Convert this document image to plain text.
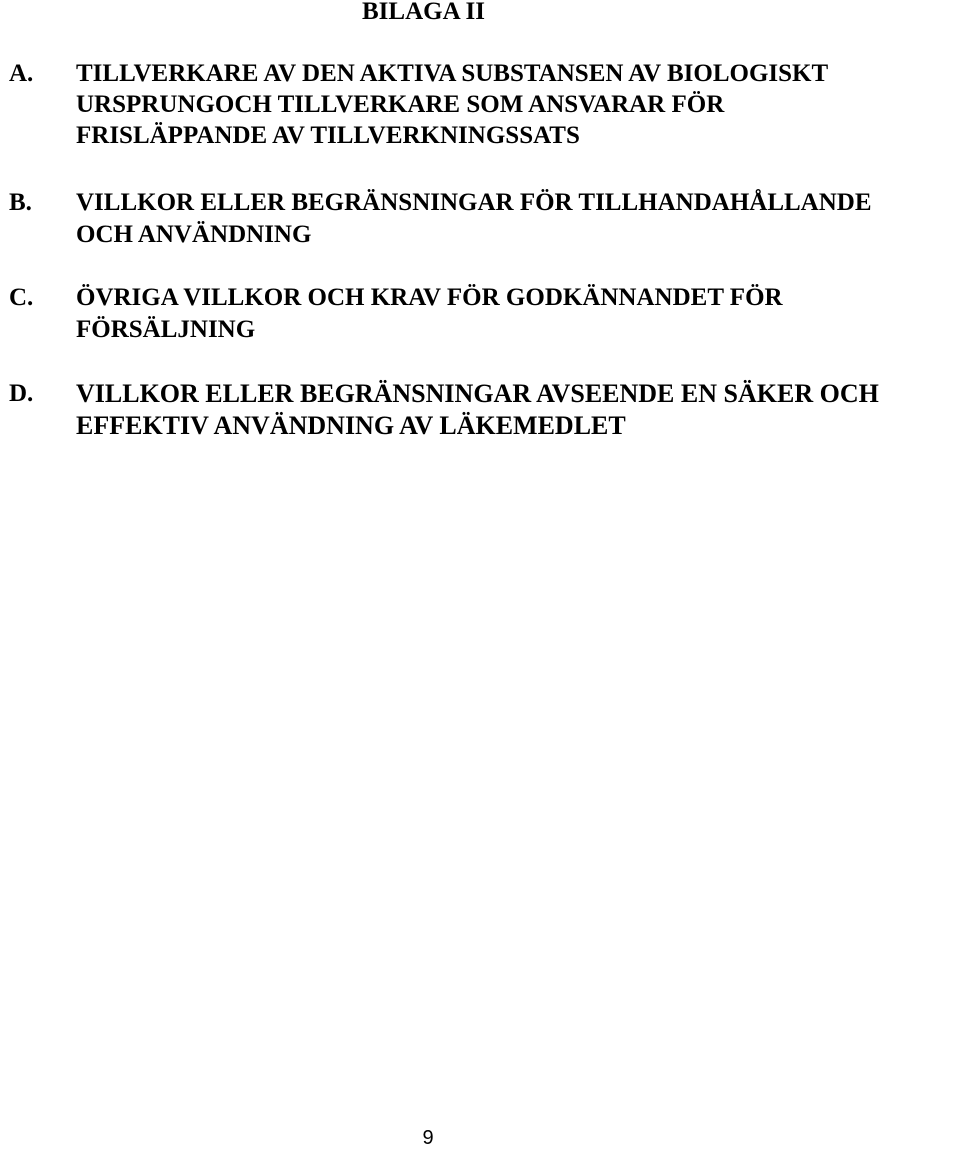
BILAGA II
A. TILLVERKARE AV DEN AKTIVA SUBSTANSEN AV BIOLOGISKT
URSPRUNGOCH TILLVERKARE SOM ANSVARAR FÖR
FRISLÄPPANDE AV TILLVERKNINGSSATS
B. VILLKOR ELLER BEGRÄNSNINGAR FÖR TILLHANDAHÅLLANDE
OCH ANVÄNDNING
C. ÖVRIGA VILLKOR OCH KRAV FÖR GODKÄNNANDET FÖR
FÖRSÄLJNING
D. VILLKOR ELLER BEGRÄNSNINGAR AVSEENDE EN SÄKER OCH
EFFEKTIV ANVÄNDNING AV LÄKEMEDLET
9
